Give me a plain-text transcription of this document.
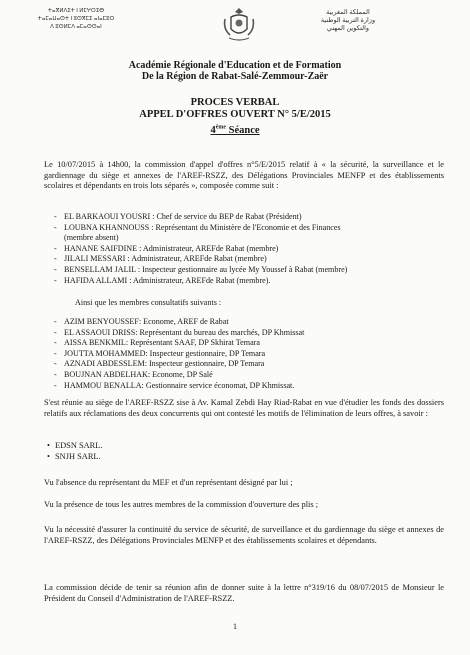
ⵜⴰⴳⵍⴷⵉⵜ ⵏ ⵍⵎⵖⵔⵉⴱ
ⵜⴰⵎⴰⵡⴰⵙⵜ ⵏ ⵓⵙⴳⵎⵉ ⴰⵏⴰⵎⵓⵔ
ⴷ ⵓⵙⵍⵎⴷ ⴰⵎⴰⵙⵙⴰⵏ
المملكة المغربية
وزارة التربية الوطنية
والتكوين المهني
Académie Régionale d'Education et de Formation
De la Région de Rabat-Salé-Zemmour-Zaër
PROCES VERBAL
APPEL D'OFFRES OUVERT N° 5/E/2015
4ème Séance
Le 10/07/2015 à 14h00, la commission d'appel d'offres n°5/E/2015 relatif à « la sécurité, la surveillance et le gardiennage du siège et annexes de l'AREF-RSZZ, des Délégations Provinciales MENFP et des établissements scolaires et dépendants en trois lots séparés », composée comme suit :
- EL BARKAOUI YOUSRI : Chef de service du BEP de Rabat (Président)
- LOUBNA KHANNOUSS : Représentant du Ministère de l'Economie et des Finances
(membre absent)
- HANANE SAIFDINE : Administrateur, AREFde Rabat (membre)
- JILALI MESSARI : Administrateur, AREFde Rabat (membre)
- BENSELLAM JALIL : Inspecteur gestionnaire au lycée My Youssef à Rabat (membre)
- HAFIDA ALLAMI : Administrateur, AREFde Rabat (membre).
Ainsi que les membres consultatifs suivants :
- AZIM BENYOUSSEF: Econome, AREF de Rabat
- EL ASSAOUI DRISS: Représentant du bureau des marchés, DP Khmissat
- AISSA BENKMIL: Représentant SAAF, DP Skhirat Temara
- JOUTTA MOHAMMED: Inspecteur gestionnaire, DP Temara
- AZNADI ABDESSLEM: Inspecteur gestionnaire, DP Temara
- BOUJNAN ABDELHAK: Econome, DP Salé
- HAMMOU BENALLA: Gestionnaire service économat, DP Khmissat.
S'est réunie au siège de l'AREF-RSZZ sise à Av. Kamal Zebdi Hay Riad-Rabat en vue d'étudier les fonds des dossiers relatifs aux réclamations des deux concurrents qui ont contesté les motifs de l'élimination de leurs offres, à savoir :
• EDSN SARL.
• SNJH SARL.
Vu l'absence du représentant du MEF et d'un représentant désigné par lui ;
Vu la présence de tous les autres membres de la commission d'ouverture des plis ;
Vu la nécessité d'assurer la continuité du service de sécurité, de surveillance et du gardiennage du siège et annexes de l'AREF-RSZZ, des Délégations Provinciales MENFP et des établissements scolaires et dépendants.
La commission décide de tenir sa réunion afin de donner suite à la lettre n°319/16 du 08/07/2015 de Monsieur le Président du Conseil d'Administration de l'AREF-RSZZ.
1
